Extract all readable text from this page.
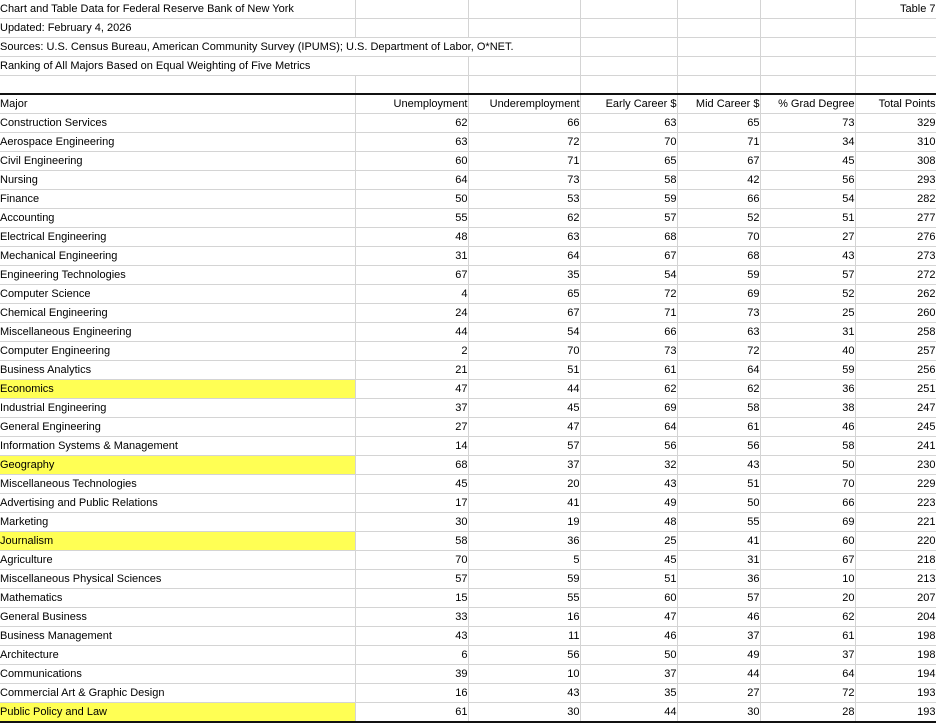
Chart and Table Data for Federal Reserve Bank of New York						Table 7
Updated: February 4, 2026						
Sources: U.S. Census Bureau, American Community Survey (IPUMS); U.S. Department of Labor, O*NET.						
Ranking of All Majors Based on Equal Weighting of Five Metrics						

Major	Unemployment	Underemployment	Early Career $	Mid Career $	% Grad Degree	Total Points
Construction Services	62	66	63	65	73	329
Aerospace Engineering	63	72	70	71	34	310
Civil Engineering	60	71	65	67	45	308
Nursing	64	73	58	42	56	293
Finance	50	53	59	66	54	282
Accounting	55	62	57	52	51	277
Electrical Engineering	48	63	68	70	27	276
Mechanical Engineering	31	64	67	68	43	273
Engineering Technologies	67	35	54	59	57	272
Computer Science	4	65	72	69	52	262
Chemical Engineering	24	67	71	73	25	260
Miscellaneous Engineering	44	54	66	63	31	258
Computer Engineering	2	70	73	72	40	257
Business Analytics	21	51	61	64	59	256
Economics	47	44	62	62	36	251
Industrial Engineering	37	45	69	58	38	247
General Engineering	27	47	64	61	46	245
Information Systems & Management	14	57	56	56	58	241
Geography	68	37	32	43	50	230
Miscellaneous Technologies	45	20	43	51	70	229
Advertising and Public Relations	17	41	49	50	66	223
Marketing	30	19	48	55	69	221
Journalism	58	36	25	41	60	220
Agriculture	70	5	45	31	67	218
Miscellaneous Physical Sciences	57	59	51	36	10	213
Mathematics	15	55	60	57	20	207
General Business	33	16	47	46	62	204
Business Management	43	11	46	37	61	198
Architecture	6	56	50	49	37	198
Communications	39	10	37	44	64	194
Commercial Art & Graphic Design	16	43	35	27	72	193
Public Policy and Law	61	30	44	30	28	193
